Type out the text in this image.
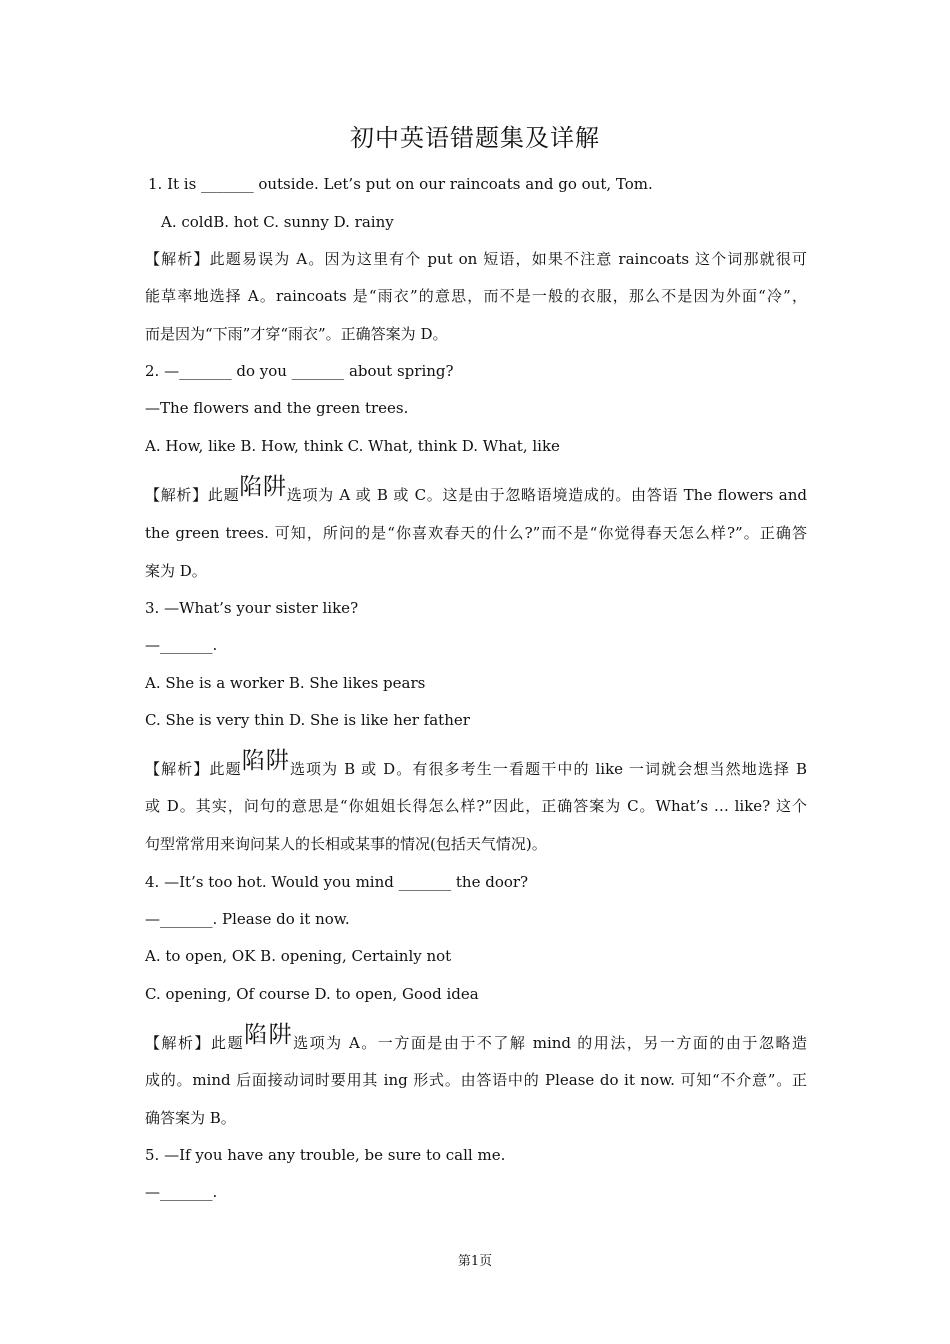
初中英语错题集及详解
1. It is _______ outside. Let’s put on our raincoats and go out, Tom.
A. coldB. hot C. sunny D. rainy
【解析】此题易误为 A。因为这里有个 put on 短语，如果不注意 raincoats 这个词那就很可
能草率地选择 A。raincoats 是“雨衣”的意思，而不是一般的衣服，那么不是因为外面“冷”，
而是因为“下雨”才穿“雨衣”。正确答案为 D。
2. —_______ do you _______ about spring?
—The flowers and the green trees.
A. How, like B. How, think C. What, think D. What, like
【解析】此题陷阱选项为 A 或 B 或 C。这是由于忽略语境造成的。由答语 The flowers and
the green trees. 可知，所问的是“你喜欢春天的什么?”而不是“你觉得春天怎么样?”。正确答
案为 D。
3. —What’s your sister like?
—_______.
A. She is a worker B. She likes pears
C. She is very thin D. She is like her father
【解析】此题陷阱选项为 B 或 D。有很多考生一看题干中的 like 一词就会想当然地选择 B
或 D。其实，问句的意思是“你姐姐长得怎么样?”因此，正确答案为 C。What’s … like? 这个
句型常常用来询问某人的长相或某事的情况(包括天气情况)。
4. —It’s too hot. Would you mind _______ the door?
—_______. Please do it now.
A. to open, OK B. opening, Certainly not
C. opening, Of course D. to open, Good idea
【解析】此题陷阱选项为 A。一方面是由于不了解 mind 的用法，另一方面的由于忽略造
成的。mind 后面接动词时要用其 ing 形式。由答语中的 Please do it now. 可知“不介意”。正
确答案为 B。
5. —If you have any trouble, be sure to call me.
—_______.
第1页
